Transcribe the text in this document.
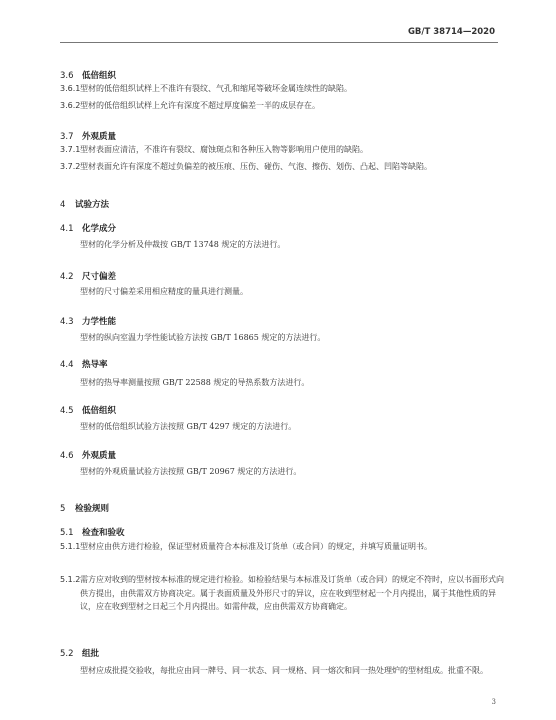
GB/T 38714—2020
3.6 低倍组织
3.6.1型材的低倍组织试样上不准许有裂纹、气孔和缩尾等破坏金属连续性的缺陷。
3.6.2型材的低倍组织试样上允许有深度不超过厚度偏差一半的成层存在。
3.7 外观质量
3.7.1型材表面应清洁，不准许有裂纹、腐蚀斑点和各种压入物等影响用户使用的缺陷。
3.7.2型材表面允许有深度不超过负偏差的被压痕、压伤、碰伤、气泡、擦伤、划伤、凸起、凹陷等缺陷。
4 试验方法
4.1 化学成分
型材的化学分析及仲裁按 GB/T 13748 规定的方法进行。
4.2 尺寸偏差
型材的尺寸偏差采用相应精度的量具进行测量。
4.3 力学性能
型材的纵向室温力学性能试验方法按 GB/T 16865 规定的方法进行。
4.4 热导率
型材的热导率测量按照 GB/T 22588 规定的导热系数方法进行。
4.5 低倍组织
型材的低倍组织试验方法按照 GB/T 4297 规定的方法进行。
4.6 外观质量
型材的外观质量试验方法按照 GB/T 20967 规定的方法进行。
5 检验规则
5.1 检查和验收
5.1.1型材应由供方进行检验，保证型材质量符合本标准及订货单（或合同）的规定，并填写质量证明书。
5.1.2需方应对收到的型材按本标准的规定进行检验。如检验结果与本标准及订货单（或合同）的规定不符时，应以书面形式向供方提出，由供需双方协商决定。属于表面质量及外形尺寸的异议，应在收到型材起一个月内提出，属于其他性质的异议，应在收到型材之日起三个月内提出。如需仲裁，应由供需双方协商确定。
5.2 组批
型材应成批提交验收，每批应由同一牌号、同一状态、同一规格、同一熔次和同一热处理炉的型材组成。批重不限。
3
